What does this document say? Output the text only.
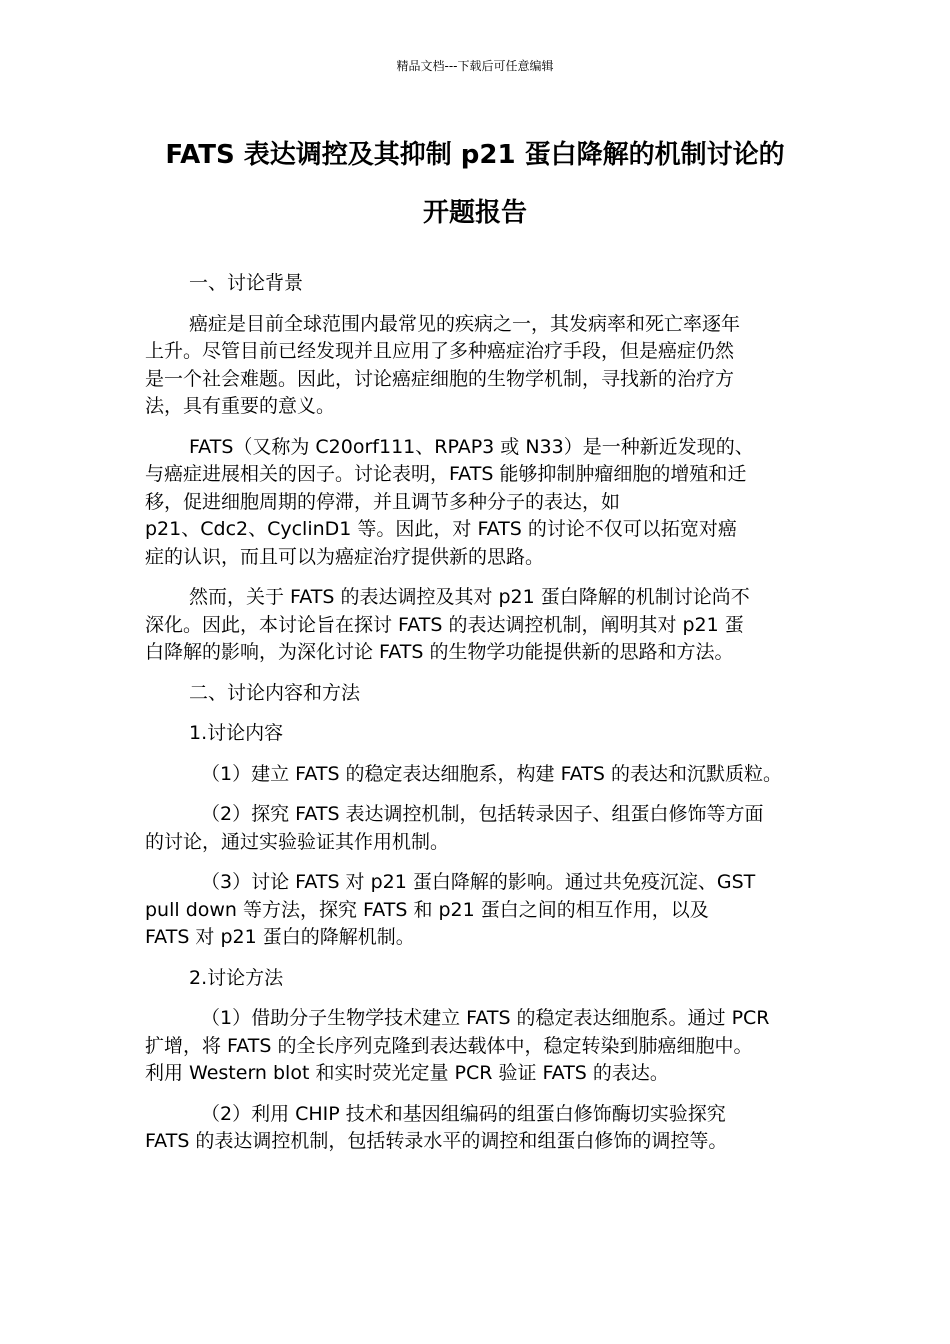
精品文档---下载后可任意编辑
FATS 表达调控及其抑制 p21 蛋白降解的机制讨论的
开题报告
一、讨论背景
癌症是目前全球范围内最常见的疾病之一，其发病率和死亡率逐年
上升。尽管目前已经发现并且应用了多种癌症治疗手段，但是癌症仍然
是一个社会难题。因此，讨论癌症细胞的生物学机制，寻找新的治疗方
法，具有重要的意义。
FATS（又称为 C20orf111、RPAP3 或 N33）是一种新近发现的、
与癌症进展相关的因子。讨论表明，FATS 能够抑制肿瘤细胞的增殖和迁
移，促进细胞周期的停滞，并且调节多种分子的表达，如
p21、Cdc2、CyclinD1 等。因此，对 FATS 的讨论不仅可以拓宽对癌
症的认识，而且可以为癌症治疗提供新的思路。
然而，关于 FATS 的表达调控及其对 p21 蛋白降解的机制讨论尚不
深化。因此，本讨论旨在探讨 FATS 的表达调控机制，阐明其对 p21 蛋
白降解的影响，为深化讨论 FATS 的生物学功能提供新的思路和方法。
二、讨论内容和方法
1.讨论内容
（1）建立 FATS 的稳定表达细胞系，构建 FATS 的表达和沉默质粒。
（2）探究 FATS 表达调控机制，包括转录因子、组蛋白修饰等方面
的讨论，通过实验验证其作用机制。
（3）讨论 FATS 对 p21 蛋白降解的影响。通过共免疫沉淀、GST
pull down 等方法，探究 FATS 和 p21 蛋白之间的相互作用，以及
FATS 对 p21 蛋白的降解机制。
2.讨论方法
（1）借助分子生物学技术建立 FATS 的稳定表达细胞系。通过 PCR
扩增，将 FATS 的全长序列克隆到表达载体中，稳定转染到肺癌细胞中。
利用 Western blot 和实时荧光定量 PCR 验证 FATS 的表达。
（2）利用 CHIP 技术和基因组编码的组蛋白修饰酶切实验探究
FATS 的表达调控机制，包括转录水平的调控和组蛋白修饰的调控等。
